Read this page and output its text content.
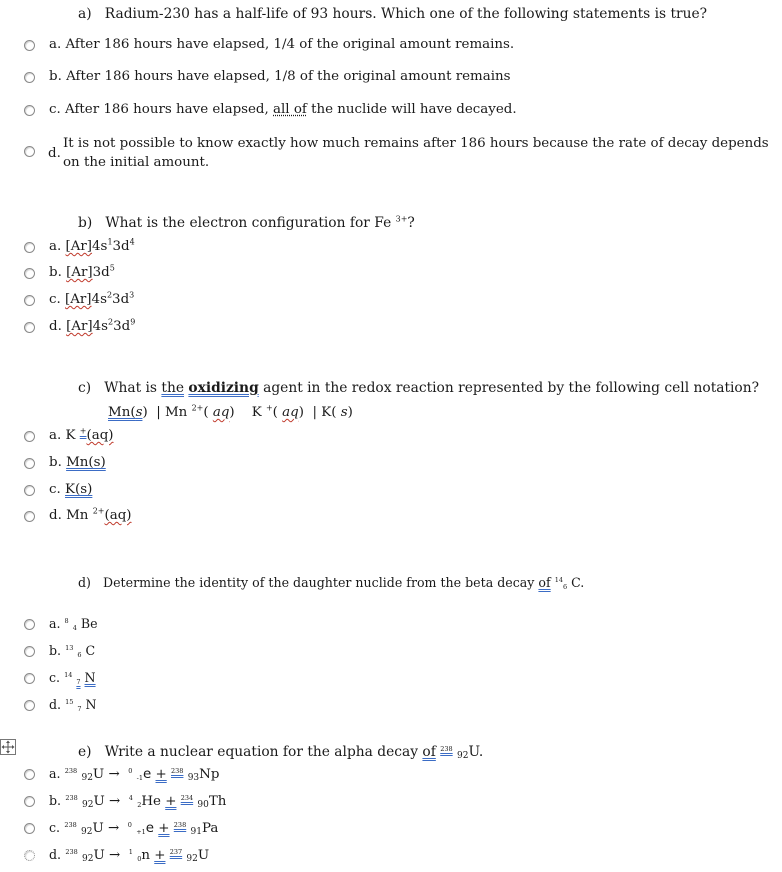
a) Radium-230 has a half-life of 93 hours. Which one of the following statements is true?
a. After 186 hours have elapsed, 1/4 of the original amount remains.
b. After 186 hours have elapsed, 1/8 of the original amount remains
c. After 186 hours have elapsed, all of the nuclide will have decayed.
d.
It is not possible to know exactly how much remains after 186 hours because the rate of decay depends
on the initial amount.
b) What is the electron configuration for Fe $^{3+}$?
a. $[Ar]4s^13d^4$
b. $[Ar]3d^5$
c. $[Ar]4s^23d^3$
d. $[Ar]4s^23d^9$
c) What is the oxidizing agent in the redox reaction represented by the following cell notation?
Mn(s) | Mn $^{2+}$( aq) K +( aq) | K( s)
a. K +(aq)
b. Mn(s)
c. K(s)
d. Mn $^{2+}$(aq)
d) Determine the identity of the daughter nuclide from the beta decay of $^{14}$6 C.
a. $^8$ 4 Be
b. $^{13}$ 6 C
c. $^{14}$ 7 N
d. $^{15}$ 7 N
e) Write a nuclear equation for the alpha decay of $^{238}$ 92U.
a. $^{238}$ 92U → $^0$ -1e + $^{238}$ 93Np
b. $^{238}$ 92U → $^4$ 2He + $^{234}$ 90Th
c. $^{238}$ 92U → $^0$ +1e + $^{238}$ 91Pa
d. $^{238}$ 92U → $^1$ 0n + $^{237}$ 92U
